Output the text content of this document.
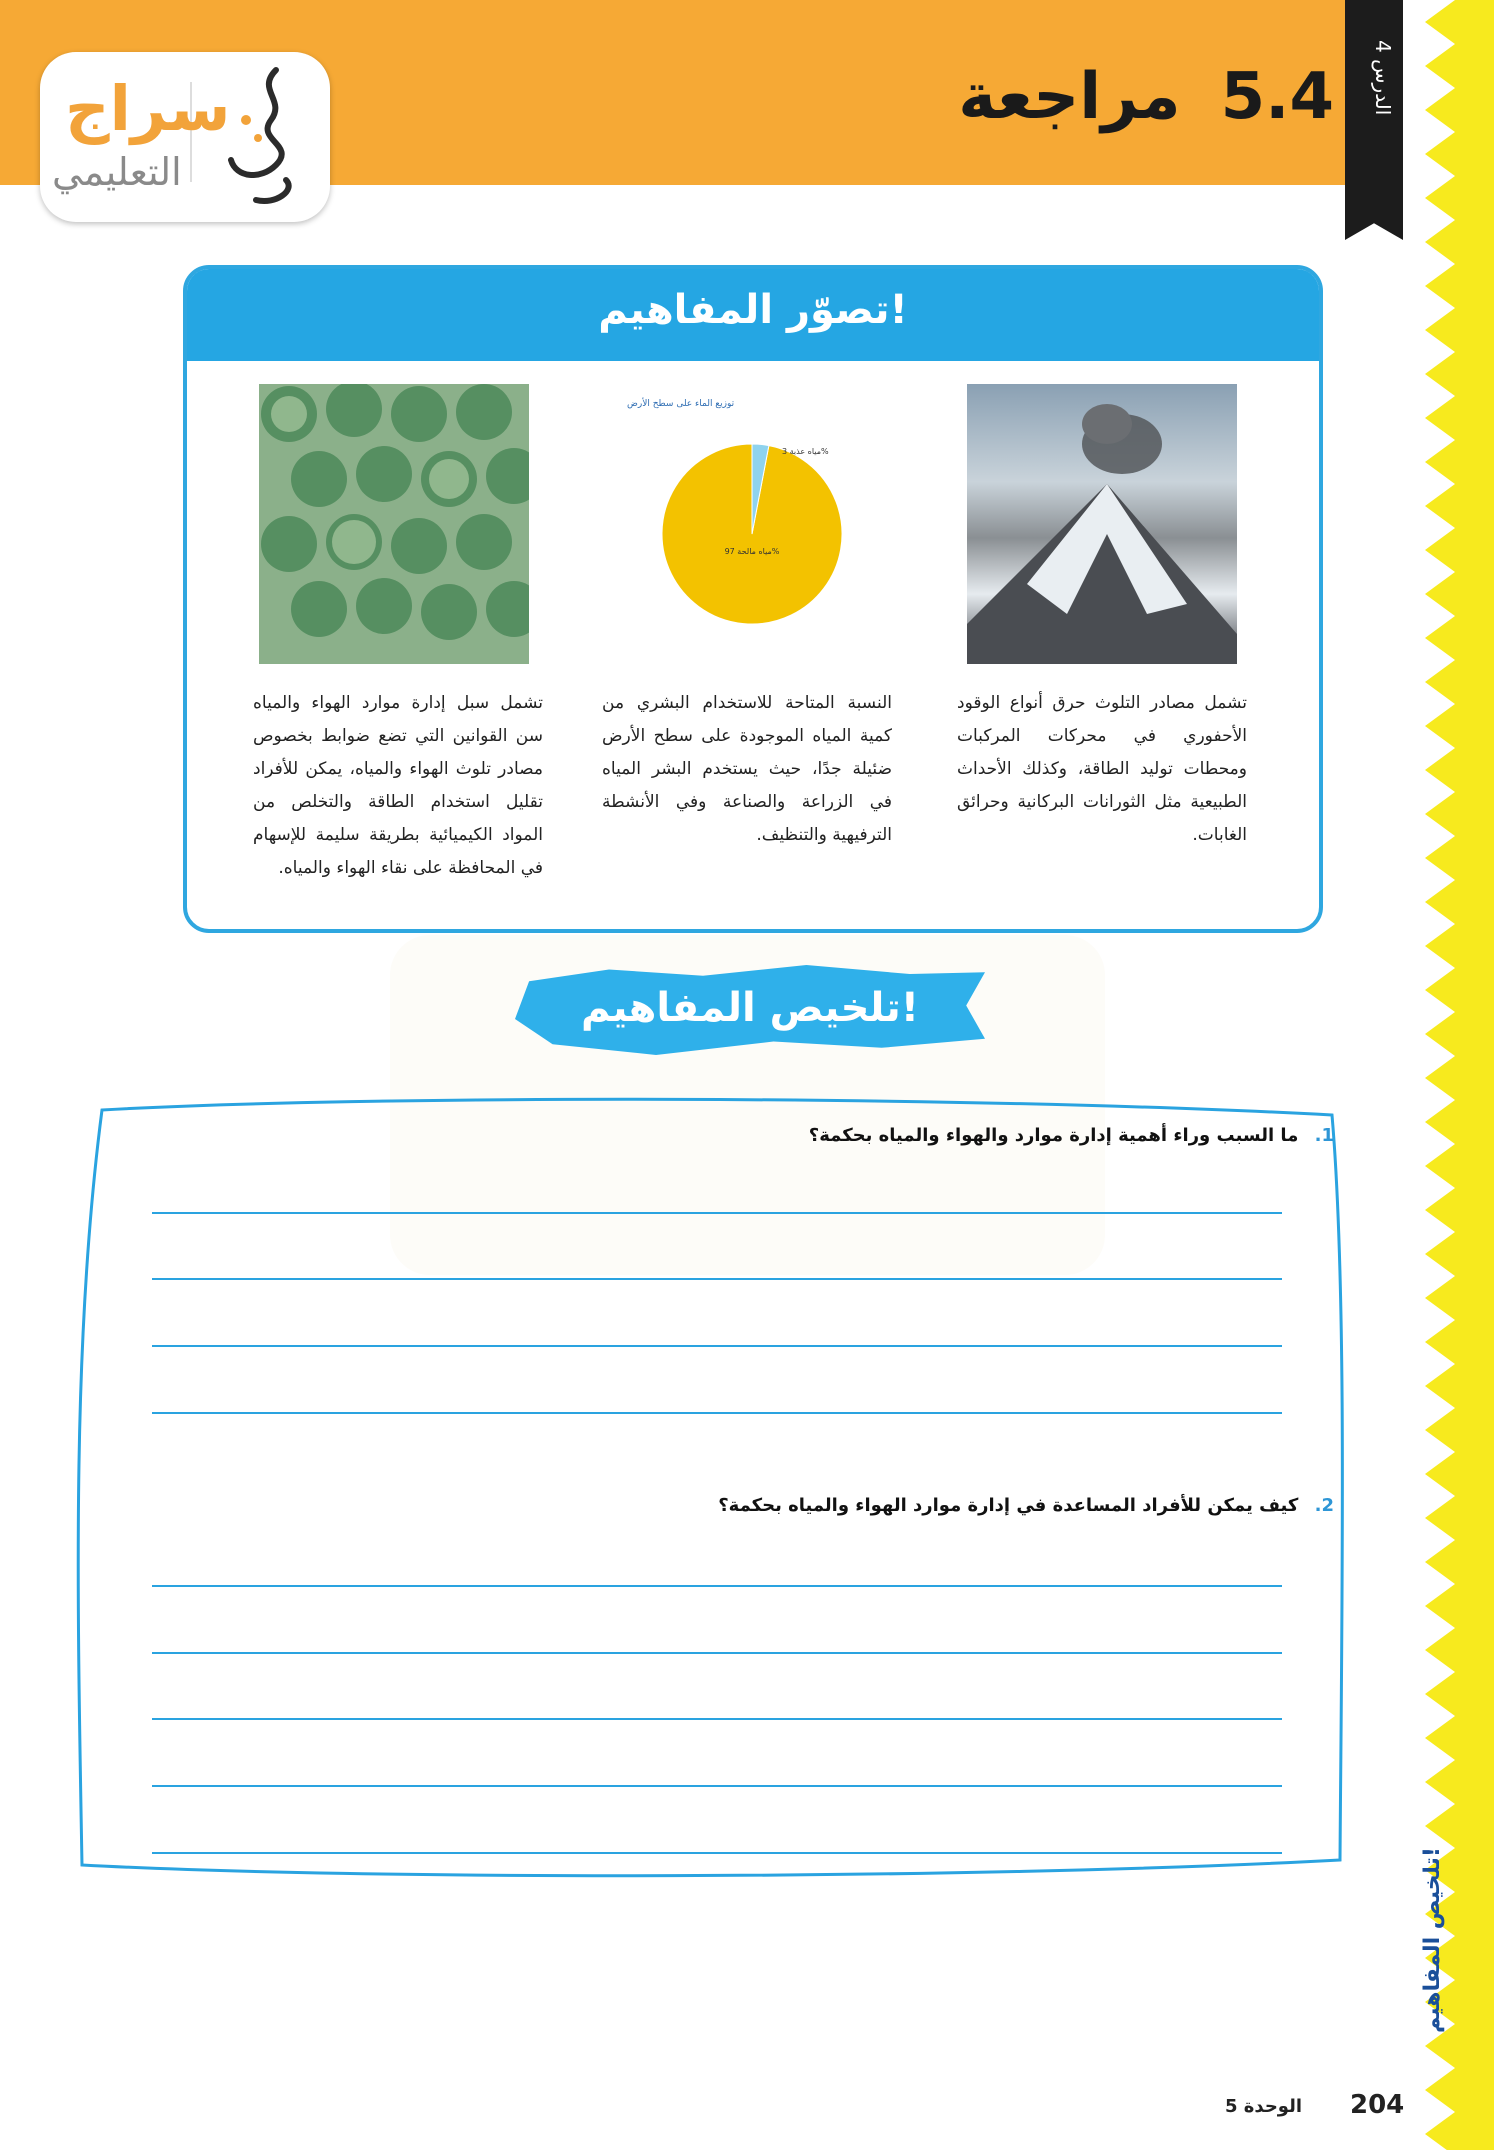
5.4
مراجعة
الدرس 4
تلخيص المفاهيم!
سراج
التعليمي
تصوّر المفاهيم!
توزيع الماء على سطح الأرض
مياه مالحة 97%
مياه عذبة 3%
تشمل مصادر التلوث حرق أنواع الوقود الأحفوري في محركات المركبات ومحطات توليد الطاقة، وكذلك الأحداث الطبيعية مثل الثورانات البركانية وحرائق الغابات.
النسبة المتاحة للاستخدام البشري من كمية المياه الموجودة على سطح الأرض ضئيلة جدًا، حيث يستخدم البشر المياه في الزراعة والصناعة وفي الأنشطة الترفيهية والتنظيف.
تشمل سبل إدارة موارد الهواء والمياه سن القوانين التي تضع ضوابط بخصوص مصادر تلوث الهواء والمياه، يمكن للأفراد تقليل استخدام الطاقة والتخلص من المواد الكيميائية بطريقة سليمة للإسهام في المحافظة على نقاء الهواء والمياه.
تلخيص المفاهيم!
1. ما السبب وراء أهمية إدارة موارد والهواء والمياه بحكمة؟
2. كيف يمكن للأفراد المساعدة في إدارة موارد الهواء والمياه بحكمة؟
204
الوحدة 5
